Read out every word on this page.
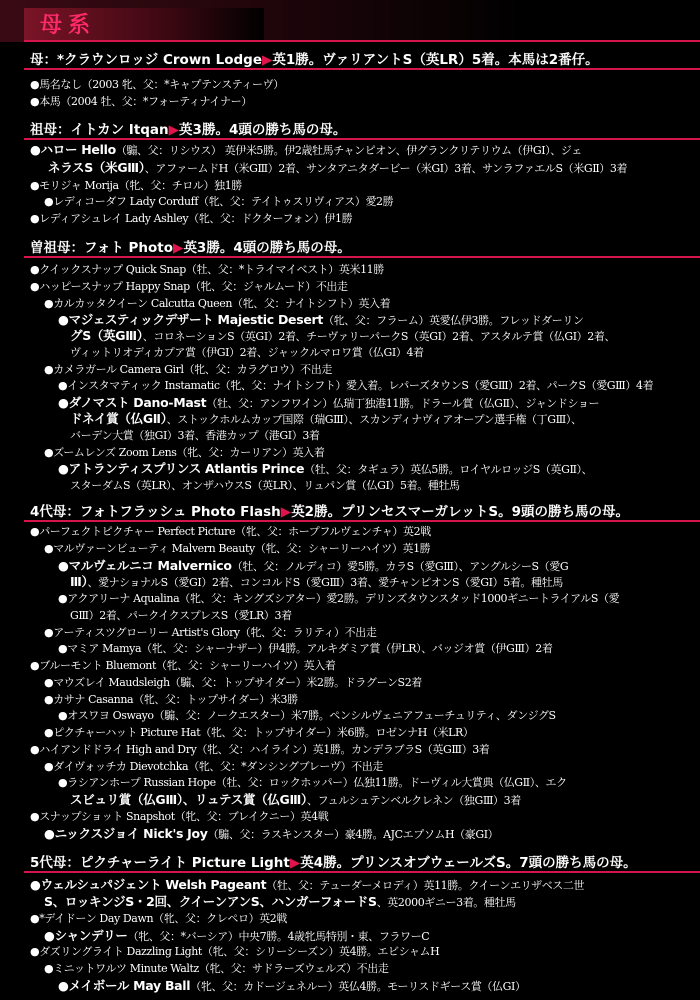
母系
母：*クラウンロッジ Crown Lodge▶英1勝。ヴァリアントS（英LR）5着。本馬は2番仔。
祖母：イトカン Itqan▶英3勝。4頭の勝ち馬の母。
曽祖母：フォト Photo▶英3勝。4頭の勝ち馬の母。
4代母：フォトフラッシュ Photo Flash▶英2勝。プリンセスマーガレットS。9頭の勝ち馬の母。
5代母：ピクチャーライト Picture Light▶英4勝。プリンスオブウェールズS。7頭の勝ち馬の母。
●馬名なし（2003 牝、父：*キャプテンスティーヴ）
●本馬（2004 牡、父：*フォーティナイナー）
●ハロー Hello（騸、父：リシウス） 英伊米5勝。伊2歳牡馬チャンピオン、伊グランクリテリウム（伊GⅠ）、ジェ
ネラスS（米GⅢ）、アファームドH（米GⅢ）2着、サンタアニタダービー（米GⅠ）3着、サンラファエルS（米GⅡ）3着
●モリジャ Morija（牝、父：チロル）独1勝
●レディコーダフ Lady Corduff（牝、父：テイトゥスリヴィアス）愛2勝
●レディアシュレイ Lady Ashley（牝、父：ドクターフォン）伊1勝
●クイックスナップ Quick Snap（牡、父：*トライマイベスト）英米11勝
●ハッピースナップ Happy Snap（牝、父：ジャルムード）不出走
●カルカッタクイーン Calcutta Queen（牝、父：ナイトシフト）英入着
●マジェスティックデザート Majestic Desert（牝、父：フラーム）英愛仏伊3勝。フレッドダーリン
グS（英GⅢ）、コロネーションS（英GⅠ）2着、チーヴァリーパークS（英GⅠ）2着、アスタルテ賞（仏GⅠ）2着、
ヴィットリオディカプア賞（伊GⅠ）2着、ジャックルマロワ賞（仏GⅠ）4着
●カメラガール Camera Girl（牝、父：カラグロウ）不出走
●インスタマティック Instamatic（牝、父：ナイトシフト）愛入着。レパーズタウンS（愛GⅢ）2着、パークS（愛GⅢ）4着
●ダノマスト Dano-Mast（牡、父：アンフワイン）仏瑞丁独港11勝。ドラール賞（仏GⅡ）、ジャンドショー
ドネイ賞（仏GⅡ）、ストックホルムカップ国際（瑞GⅢ）、スカンディナヴィアオープン選手権（丁GⅢ）、
バーデン大賞（独GⅠ）3着、香港カップ（港GⅠ）3着
●ズームレンズ Zoom Lens（牝、父：カーリアン）英入着
●アトランティスプリンス Atlantis Prince（牡、父：タギュラ）英仏5勝。ロイヤルロッジS（英GⅡ）、
スターダムS（英LR）、オンザハウスS（英LR）、リュパン賞（仏GⅠ）5着。種牡馬
●パーフェクトピクチャー Perfect Picture（牝、父：ホープフルヴェンチャ）英2戦
●マルヴァーンビューティ Malvern Beauty（牝、父：シャーリーハイツ）英1勝
●マルヴェルニコ Malvernico（牡、父：ノルディコ）愛5勝。カラS（愛GⅢ）、アングルシーS（愛G
Ⅲ）、愛ナショナルS（愛GⅠ）2着、コンコルドS（愛GⅢ）3着、愛チャンピオンS（愛GⅠ）5着。種牡馬
●アクアリーナ Aqualina（牝、父：キングズシアター）愛2勝。デリンズタウンスタッド1000ギニートライアルS（愛
GⅢ）2着、パークイクスプレスS（愛LR）3着
●アーティスツグローリー Artist's Glory（牝、父：ラリティ）不出走
●マミア Mamya（牝、父：シャーナザー）伊4勝。アルキダミア賞（伊LR）、バッジオ賞（伊GⅢ）2着
●ブルーモント Bluemont（牝、父：シャーリーハイツ）英入着
●マウズレイ Maudsleigh（騸、父：トップサイダー）米2勝。ドラグーンS2着
●カサナ Casanna（牝、父：トップサイダー）米3勝
●オスワヨ Oswayo（騸、父：ノークエスター）米7勝。ペンシルヴェニアフューチュリティ、ダンジグS
●ピクチャーハット Picture Hat（牝、父：トップサイダー）米6勝。ロゼンナH（米LR）
●ハイアンドドライ High and Dry（牝、父：ハイライン）英1勝。カンデラブラS（英GⅢ）3着
●ダイヴォッチカ Dievotchka（牝、父：*ダンシングブレーヴ）不出走
●ラシアンホープ Russian Hope（牡、父：ロックホッパー）仏独11勝。ドーヴィル大賞典（仏GⅡ）、エク
スビュリ賞（仏GⅢ）、リュテス賞（仏GⅢ）、フュルシュテンベルクレネン（独GⅢ）3着
●スナップショット Snapshot（牝、父：ブレイクニー）英4戦
●ニックスジョイ Nick's Joy（騸、父：ラスキンスター）豪4勝。AJCエプソムH（豪GⅠ）
●ウェルシュパジェント Welsh Pageant（牡、父：テューダーメロディ）英11勝。クイーンエリザベス二世
S、ロッキンジS・2回、クイーンアンS、ハンガーフォードS、英2000ギニー3着。種牡馬
●*デイドーン Day Dawn（牝、父：クレペロ）英2戦
●シャンデリー（牝、父：*バーシア）中央7勝。4歳牝馬特別・東、フラワーC
●ダズリングライト Dazzling Light（牝、父：シリーシーズン）英4勝。エビシャムH
●ミニットワルツ Minute Waltz（牝、父：サドラーズウェルズ）不出走
●メイボール May Ball（牝、父：カドージェネルー）英仏4勝。モーリスドギース賞（仏GⅠ）
